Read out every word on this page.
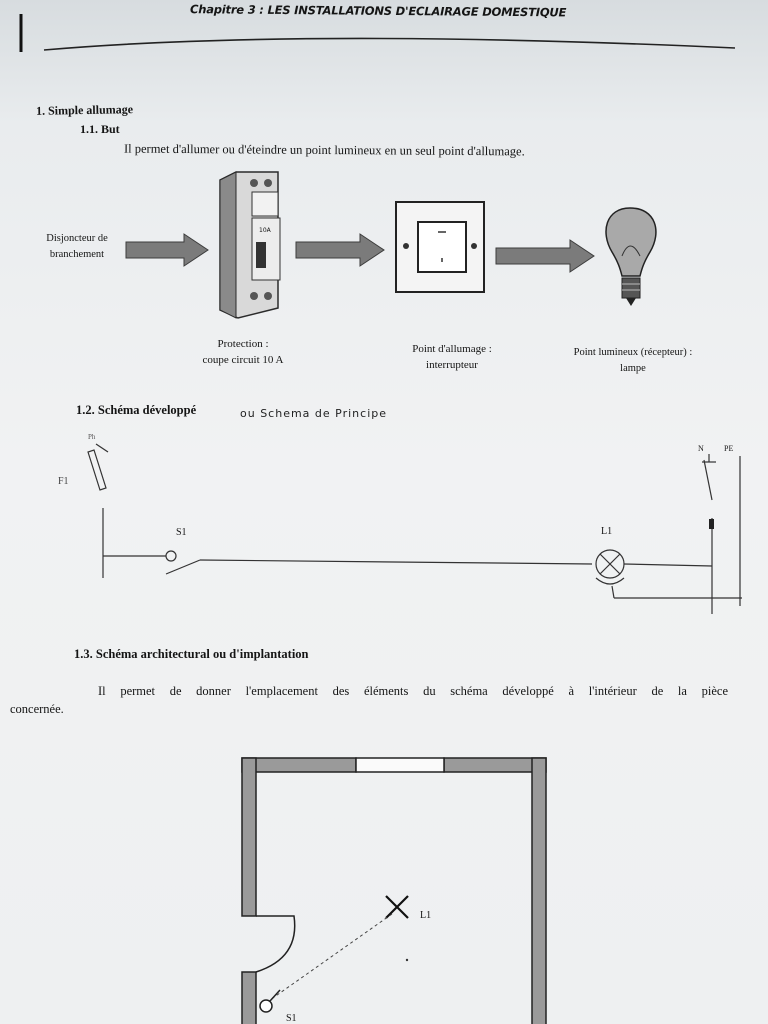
Chapitre 3 : LES INSTALLATIONS D'ECLAIRAGE DOMESTIQUE
1. Simple allumage
1.1. But
Il permet d'allumer ou d'éteindre un point lumineux en un seul point d'allumage.
Disjoncteur de
branchement
10A
Protection :
coupe circuit 10 A
Point d'allumage :
interrupteur
Point lumineux (récepteur) :
lampe
1.2. Schéma développé	ou Schema de Principe
Ph
F1
S1	L1
N	PE
1.3. Schéma architectural ou d'implantation
Il permet de donner l'emplacement des éléments du schéma développé à l'intérieur de la pièce
concernée.
L1
S1
